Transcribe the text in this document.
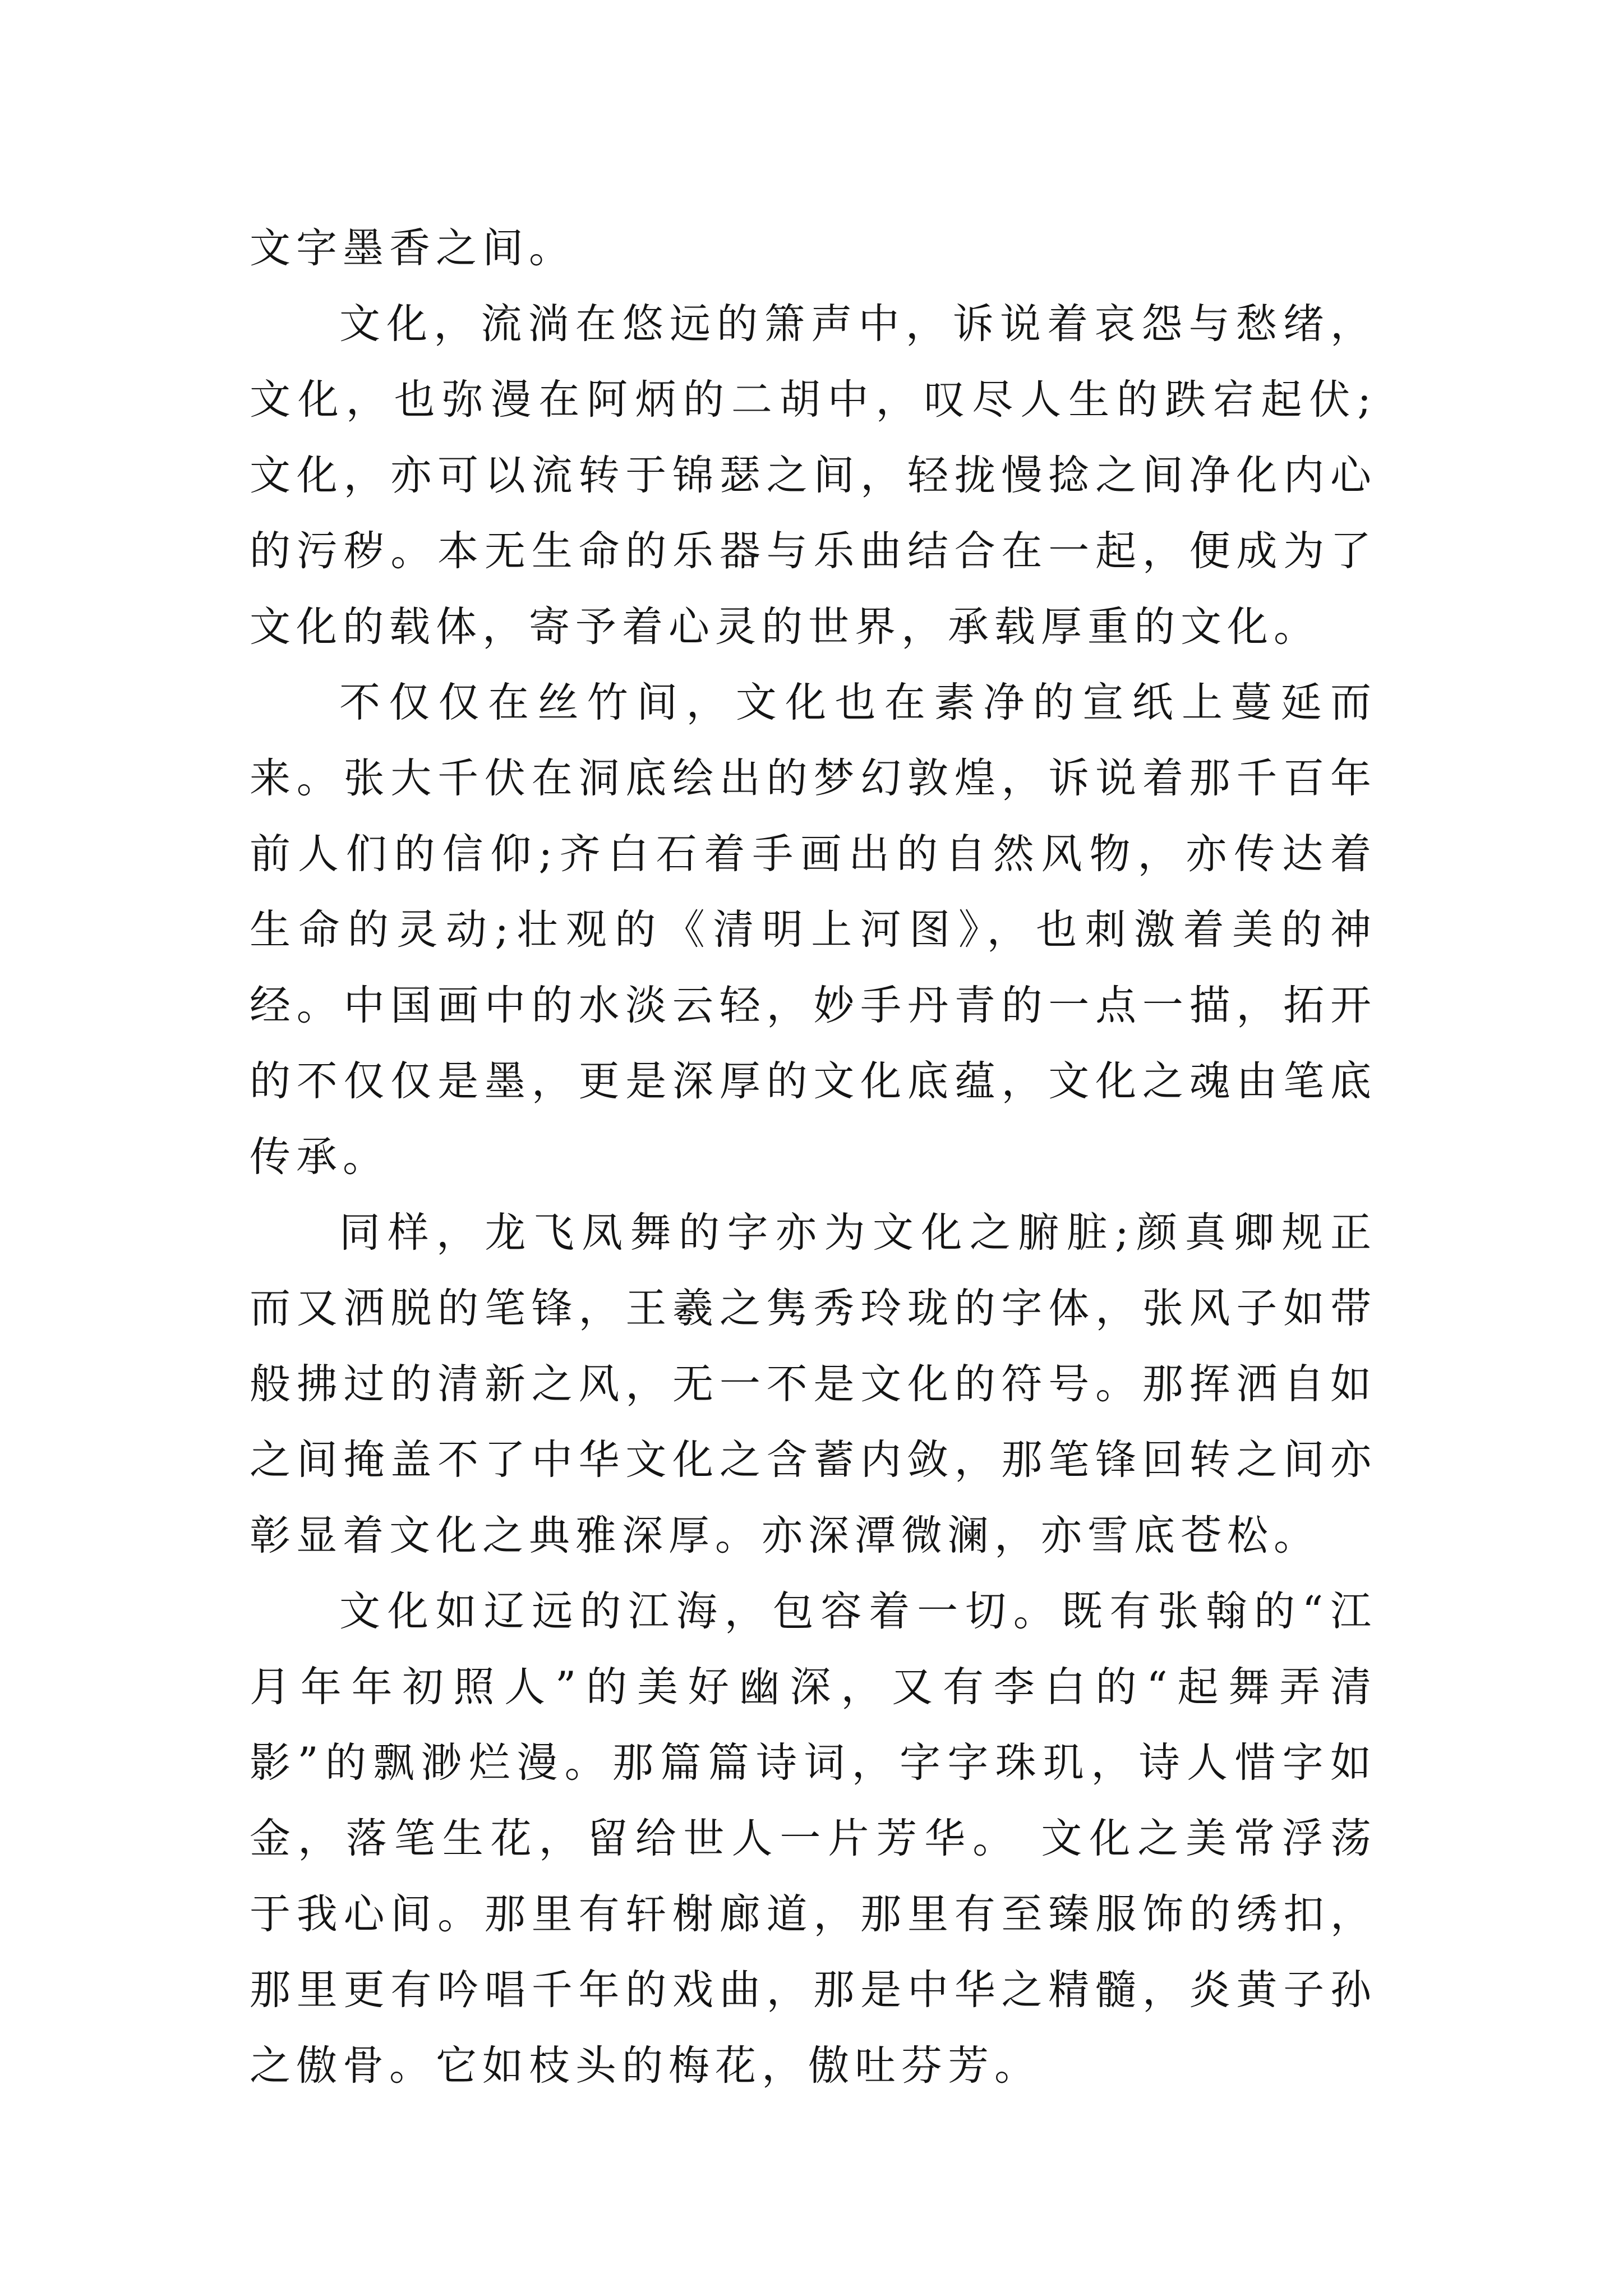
文字墨香之间。

文化，流淌在悠远的箫声中，诉说着哀怨与愁绪，文化，也弥漫在阿炳的二胡中，叹尽人生的跌宕起伏;文化，亦可以流转于锦瑟之间，轻拢慢捻之间净化内心的污秽。本无生命的乐器与乐曲结合在一起，便成为了文化的载体，寄予着心灵的世界，承载厚重的文化。

不仅仅在丝竹间，文化也在素净的宣纸上蔓延而来。张大千伏在洞底绘出的梦幻敦煌，诉说着那千百年前人们的信仰;齐白石着手画出的自然风物，亦传达着生命的灵动;壮观的《清明上河图》，也刺激着美的神经。中国画中的水淡云轻，妙手丹青的一点一描，拓开的不仅仅是墨，更是深厚的文化底蕴，文化之魂由笔底传承。

同样，龙飞凤舞的字亦为文化之腑脏;颜真卿规正而又洒脱的笔锋，王羲之隽秀玲珑的字体，张风子如带般拂过的清新之风，无一不是文化的符号。那挥洒自如之间掩盖不了中华文化之含蓄内敛，那笔锋回转之间亦彰显着文化之典雅深厚。亦深潭微澜，亦雪底苍松。

文化如辽远的江海，包容着一切。既有张翰的“江月年年初照人”的美好幽深，又有李白的“起舞弄清影”的飘渺烂漫。那篇篇诗词，字字珠玑，诗人惜字如金，落笔生花，留给世人一片芳华。 文化之美常浮荡于我心间。那里有轩榭廊道，那里有至臻服饰的绣扣，那里更有吟唱千年的戏曲，那是中华之精髓，炎黄子孙之傲骨。它如枝头的梅花，傲吐芬芳。
